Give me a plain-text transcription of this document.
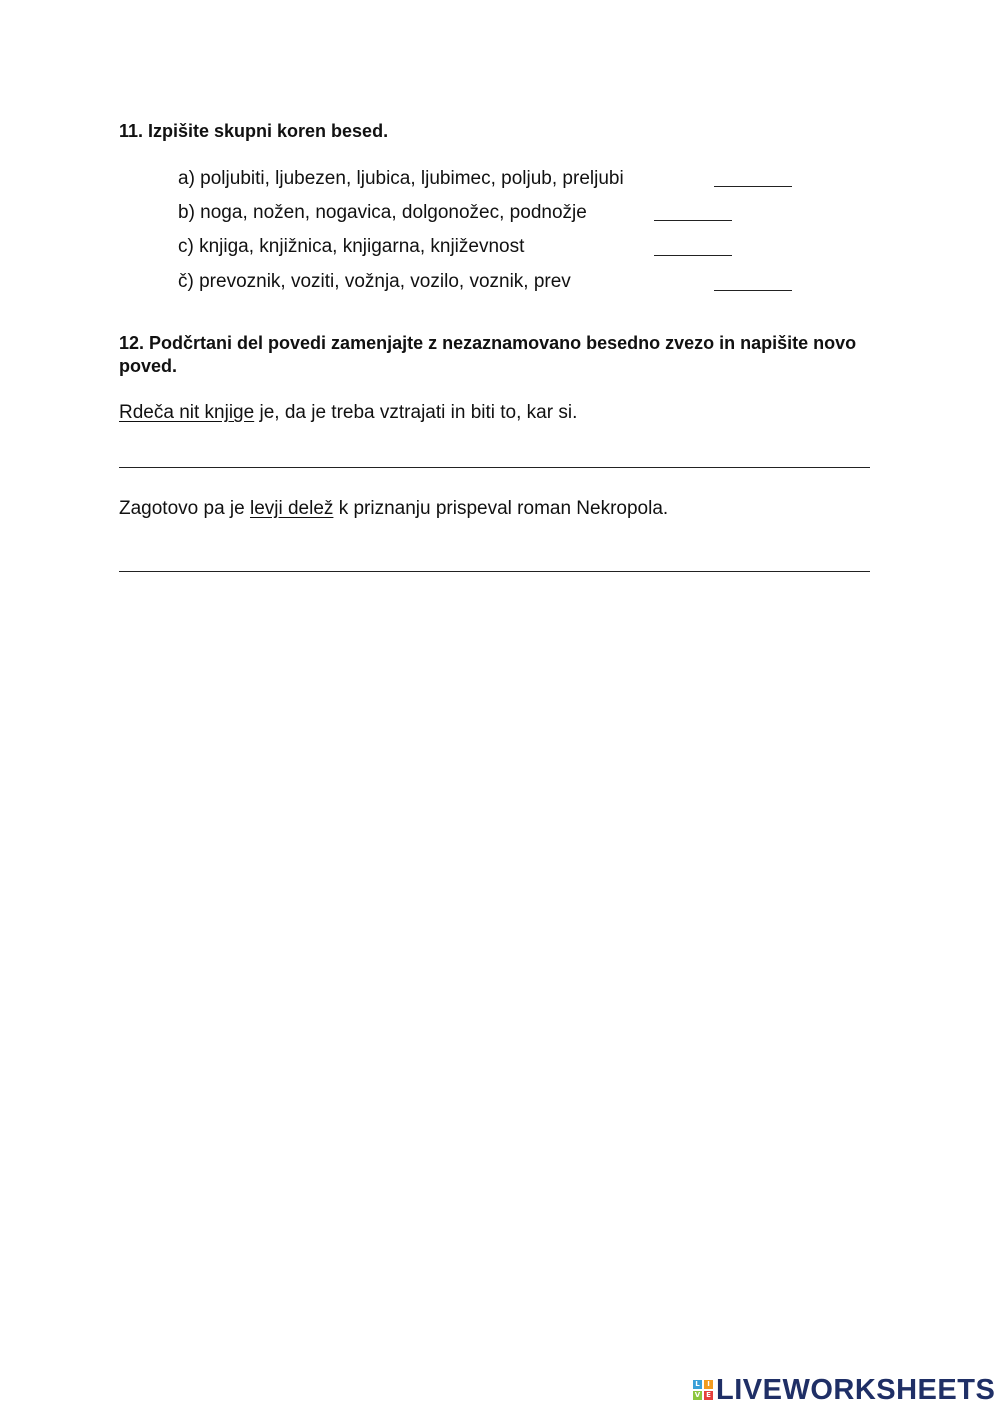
11. Izpišite skupni koren besed.
a) poljubiti, ljubezen, ljubica, ljubimec, poljub, preljubi
b) noga, nožen, nogavica, dolgonožec, podnožje
c) knjiga, knjižnica, knjigarna, književnost
č) prevoznik, voziti, vožnja, vozilo, voznik, prev
12. Podčrtani del povedi zamenjajte z nezaznamovano besedno zvezo in napišite novo poved.
Rdeča nit knjige je, da je treba vztrajati in biti to, kar si.
Zagotovo pa je levji delež k priznanju prispeval roman Nekropola.
L	I
V E LIVEWORKSHEETS
